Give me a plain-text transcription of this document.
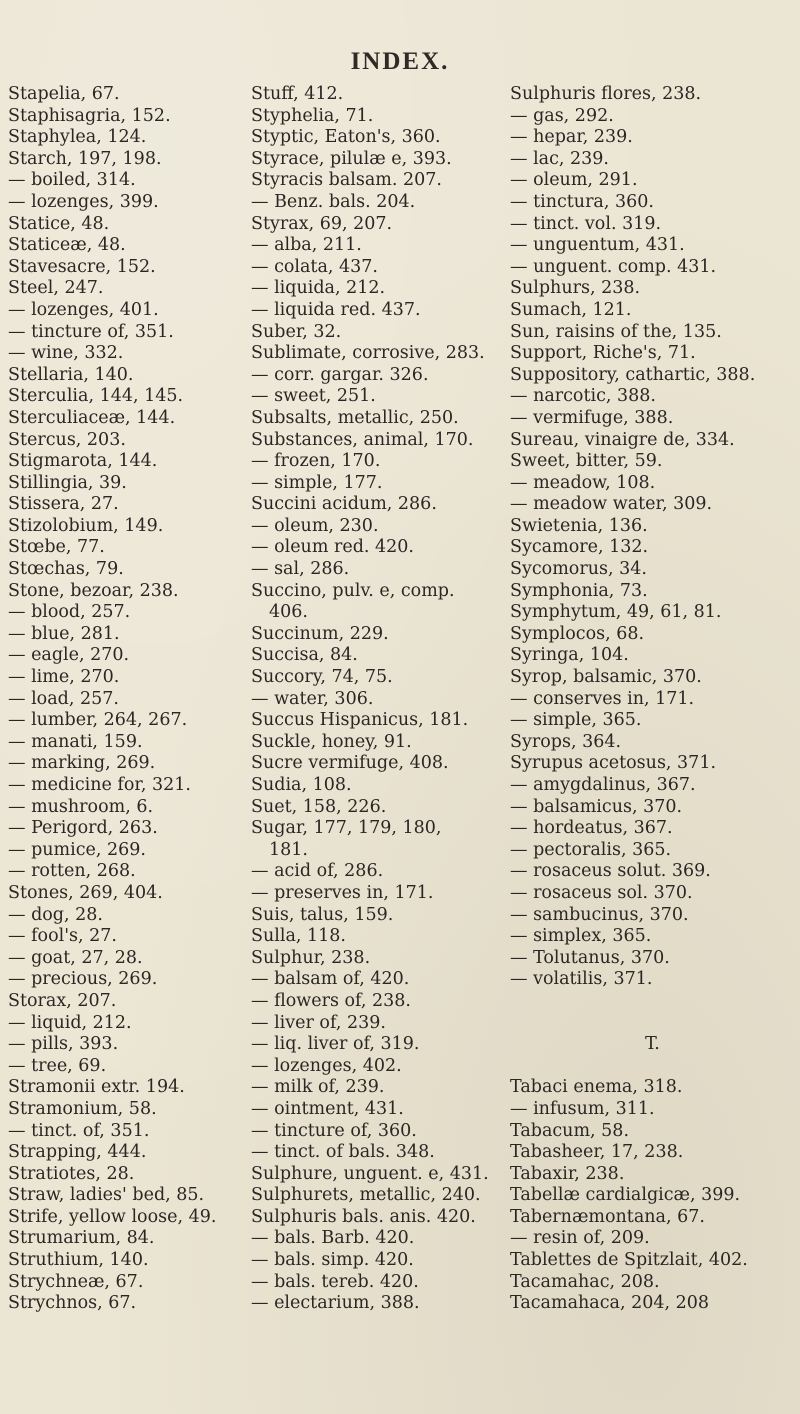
INDEX.
Stapelia, 67.
Staphisagria, 152.
Staphylea, 124.
Starch, 197, 198.
— boiled, 314.
— lozenges, 399.
Statice, 48.
Staticeæ, 48.
Stavesacre, 152.
Steel, 247.
— lozenges, 401.
— tincture of, 351.
— wine, 332.
Stellaria, 140.
Sterculia, 144, 145.
Sterculiaceæ, 144.
Stercus, 203.
Stigmarota, 144.
Stillingia, 39.
Stissera, 27.
Stizolobium, 149.
Stœbe, 77.
Stœchas, 79.
Stone, bezoar, 238.
— blood, 257.
— blue, 281.
— eagle, 270.
— lime, 270.
— load, 257.
— lumber, 264, 267.
— manati, 159.
— marking, 269.
— medicine for, 321.
— mushroom, 6.
— Perigord, 263.
— pumice, 269.
— rotten, 268.
Stones, 269, 404.
— dog, 28.
— fool's, 27.
— goat, 27, 28.
— precious, 269.
Storax, 207.
— liquid, 212.
— pills, 393.
— tree, 69.
Stramonii extr. 194.
Stramonium, 58.
— tinct. of, 351.
Strapping, 444.
Stratiotes, 28.
Straw, ladies' bed, 85.
Strife, yellow loose, 49.
Strumarium, 84.
Struthium, 140.
Strychneæ, 67.
Strychnos, 67.
Stuff, 412.
Styphelia, 71.
Styptic, Eaton's, 360.
Styrace, pilulæ e, 393.
Styracis balsam. 207.
— Benz. bals. 204.
Styrax, 69, 207.
— alba, 211.
— colata, 437.
— liquida, 212.
— liquida red. 437.
Suber, 32.
Sublimate, corrosive, 283.
— corr. gargar. 326.
— sweet, 251.
Subsalts, metallic, 250.
Substances, animal, 170.
— frozen, 170.
— simple, 177.
Succini acidum, 286.
— oleum, 230.
— oleum red. 420.
— sal, 286.
Succino, pulv. e, comp.
406.
Succinum, 229.
Succisa, 84.
Succory, 74, 75.
— water, 306.
Succus Hispanicus, 181.
Suckle, honey, 91.
Sucre vermifuge, 408.
Sudia, 108.
Suet, 158, 226.
Sugar, 177, 179, 180,
181.
— acid of, 286.
— preserves in, 171.
Suis, talus, 159.
Sulla, 118.
Sulphur, 238.
— balsam of, 420.
— flowers of, 238.
— liver of, 239.
— liq. liver of, 319.
— lozenges, 402.
— milk of, 239.
— ointment, 431.
— tincture of, 360.
— tinct. of bals. 348.
Sulphure, unguent. e, 431.
Sulphurets, metallic, 240.
Sulphuris bals. anis. 420.
— bals. Barb. 420.
— bals. simp. 420.
— bals. tereb. 420.
— electarium, 388.
Sulphuris flores, 238.
— gas, 292.
— hepar, 239.
— lac, 239.
— oleum, 291.
— tinctura, 360.
— tinct. vol. 319.
— unguentum, 431.
— unguent. comp. 431.
Sulphurs, 238.
Sumach, 121.
Sun, raisins of the, 135.
Support, Riche's, 71.
Suppository, cathartic, 388.
— narcotic, 388.
— vermifuge, 388.
Sureau, vinaigre de, 334.
Sweet, bitter, 59.
— meadow, 108.
— meadow water, 309.
Swietenia, 136.
Sycamore, 132.
Sycomorus, 34.
Symphonia, 73.
Symphytum, 49, 61, 81.
Symplocos, 68.
Syringa, 104.
Syrop, balsamic, 370.
— conserves in, 171.
— simple, 365.
Syrops, 364.
Syrupus acetosus, 371.
— amygdalinus, 367.
— balsamicus, 370.
— hordeatus, 367.
— pectoralis, 365.
— rosaceus solut. 369.
— rosaceus sol. 370.
— sambucinus, 370.
— simplex, 365.
— Tolutanus, 370.
— volatilis, 371.
T.
Tabaci enema, 318.
— infusum, 311.
Tabacum, 58.
Tabasheer, 17, 238.
Tabaxir, 238.
Tabellæ cardialgicæ, 399.
Tabernæmontana, 67.
— resin of, 209.
Tablettes de Spitzlait, 402.
Tacamahac, 208.
Tacamahaca, 204, 208
